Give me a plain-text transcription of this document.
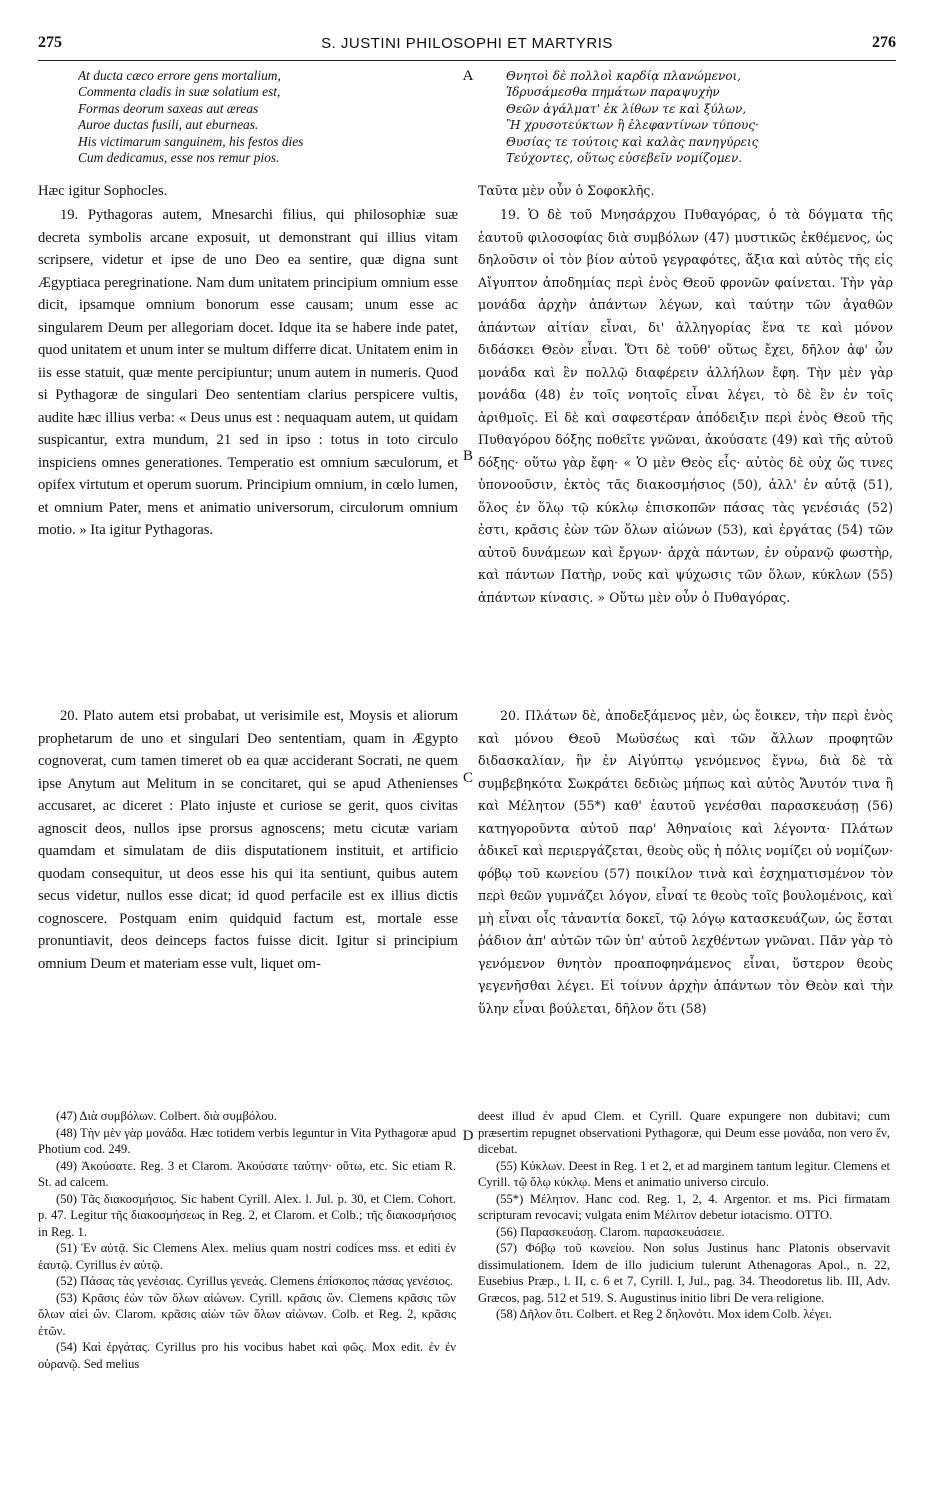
275	S. JUSTINI PHILOSOPHI ET MARTYRIS	276
At ducta cæco errore gens mortalium,
Commenta cladis in suæ solatium est,
Formas deorum saxeas aut æreas
Auroe ductas fusili, aut eburneas.
His victimarum sanguinem, his festos dies
Cum dedicamus, esse nos remur pios.

Hæc igitur Sophocles.

19. Pythagoras autem, Mnesarchi filius, qui philosophiæ suæ decreta symbolis arcane exposuit, ut demonstrant qui illius vitam scripsere, videtur et ipse de uno Deo ea sentire, quæ digna sunt Ægyptiaca peregrinatione. Nam dum unitatem principium omnium esse dicit, ipsamque omnium bonorum esse causam; unum esse ac singularem Deum per allegoriam docet. Idque ita se habere inde patet, quod unitatem et unum inter se multum differre dicat. Unitatem enim in iis esse statuit, quæ mente percipiuntur; unum autem in numeris. Quod si Pythagoræ de singulari Deo sententiam clarius perspicere vultis, audite hæc illius verba: « Deus unus est : nequaquam autem, ut quidam suspicantur, extra mundum, 21 sed in ipso : totus in toto circulo inspiciens omnes generationes. Temperatio est omnium sæculorum, et opifex virtutum et operum suorum. Principium omnium, in cœlo lumen, et omnium Pater, mens et animatio universorum, circulorum omnium motio. » Ita igitur Pythagoras.

20. Plato autem etsi probabat, ut verisimile est, Moysis et aliorum prophetarum de uno et singulari Deo sententiam, quam in Ægypto cognoverat, cum tamen timeret ob ea quæ acciderant Socrati, ne quem ipse Anytum aut Melitum in se concitaret, qui se apud Athenienses accusaret, ac diceret : Plato injuste et curiose se gerit, quos civitas agnoscit deos, nullos ipse prorsus agnoscens; metu cicutæ variam quamdam et simulatam de diis disputationem instituit, et artificio quodam consequitur, ut deos esse his qui ita sentiunt, quibus autem secus videtur, nullos esse dicat; id quod perfacile est ex illius dictis cognoscere. Postquam enim quidquid factum est, mortale esse pronuntiavit, deos deinceps factos fuisse dicit. Igitur si principium omnium Deum et materiam esse vult, liquet om-

A
B
C
D
Θνητοὶ δὲ πολλοὶ καρδίᾳ πλανώμενοι,
Ἱδρυσάμεσθα πημάτων παραψυχὴν
Θεῶν ἀγάλματ' ἐκ λίθων τε καὶ ξύλων,
Ἢ χρυσοτεύκτων ἢ ἐλεφαντίνων τύπους·
Θυσίας τε τούτοις καὶ καλὰς πανηγύρεις
Τεύχοντες, οὕτως εὐσεβεῖν νομίζομεν.

Ταῦτα μὲν οὖν ὁ Σοφοκλῆς.

19. Ὁ δὲ τοῦ Μνησάρχου Πυθαγόρας, ὁ τὰ δόγματα τῆς ἑαυτοῦ φιλοσοφίας διὰ συμβόλων (47) μυστικῶς ἐκθέμενος, ὡς δηλοῦσιν οἱ τὸν βίον αὐτοῦ γεγραφότες, ἄξια καὶ αὐτὸς τῆς εἰς Αἴγυπτον ἀποδημίας περὶ ἑνὸς Θεοῦ φρονῶν φαίνεται. Τὴν γὰρ μονάδα ἀρχὴν ἁπάντων λέγων, καὶ ταύτην τῶν ἀγαθῶν ἁπάντων αἰτίαν εἶναι, δι' ἀλληγορίας ἕνα τε καὶ μόνον διδάσκει Θεὸν εἶναι. Ὅτι δὲ τοῦθ' οὕτως ἔχει, δῆλον ἀφ' ὧν μονάδα καὶ ἓν πολλῷ διαφέρειν ἀλλήλων ἔφη. Τὴν μὲν γὰρ μονάδα (48) ἐν τοῖς νοητοῖς εἶναι λέγει, τὸ δὲ ἓν ἐν τοῖς ἀριθμοῖς. Εἰ δὲ καὶ σαφεστέραν ἀπόδειξιν περὶ ἑνὸς Θεοῦ τῆς Πυθαγόρου δόξης ποθεῖτε γνῶναι, ἀκούσατε (49) καὶ τῆς αὐτοῦ δόξης· οὕτω γὰρ ἔφη· « Ὁ μὲν Θεὸς εἷς· αὐτὸς δὲ οὐχ ὥς τινες ὑπονοοῦσιν, ἐκτὸς τᾶς διακοσμήσιος (50), ἀλλ' ἐν αὐτᾷ (51), ὅλος ἐν ὅλῳ τῷ κύκλῳ ἐπισκοπῶν πάσας τὰς γενέσιάς (52) ἐστι, κρᾶσις ἐὼν τῶν ὅλων αἰώνων (53), καὶ ἐργάτας (54) τῶν αὐτοῦ δυνάμεων καὶ ἔργων· ἀρχὰ πάντων, ἐν οὐρανῷ φωστὴρ, καὶ πάντων Πατὴρ, νοῦς καὶ ψύχωσις τῶν ὅλων, κύκλων (55) ἁπάντων κίνασις. » Οὕτω μὲν οὖν ὁ Πυθαγόρας.

20. Πλάτων δὲ, ἀποδεξάμενος μὲν, ὡς ἔοικεν, τὴν περὶ ἑνὸς καὶ μόνου Θεοῦ Μωϋσέως καὶ τῶν ἄλλων προφητῶν διδασκαλίαν, ἣν ἐν Αἰγύπτῳ γενόμενος ἔγνω, διὰ δὲ τὰ συμβεβηκότα Σωκράτει δεδιὼς μήπως καὶ αὐτὸς Ἄνυτόν τινα ἢ καὶ Μέλητον (55*) καθ' ἑαυτοῦ γενέσθαι παρασκευάσῃ (56) κατηγοροῦντα αὐτοῦ παρ' Ἀθηναίοις καὶ λέγοντα· Πλάτων ἀδικεῖ καὶ περιεργάζεται, θεοὺς οὓς ἡ πόλις νομίζει οὐ νομίζων· φόβῳ τοῦ κωνείου (57) ποικίλον τινὰ καὶ ἐσχηματισμένον τὸν περὶ θεῶν γυμνάζει λόγον, εἶναί τε θεοὺς τοῖς βουλομένοις, καὶ μὴ εἶναι οἷς τἀναντία δοκεῖ, τῷ λόγῳ κατασκευάζων, ὡς ἔσται ῥάδιον ἀπ' αὐτῶν τῶν ὑπ' αὐτοῦ λεχθέντων γνῶναι. Πᾶν γὰρ τὸ γενόμενον θνητὸν προαποφηνάμενος εἶναι, ὕστερον θεοὺς γεγενῆσθαι λέγει. Εἰ τοίνυν ἀρχὴν ἁπάντων τὸν Θεὸν καὶ τὴν ὕλην εἶναι βούλεται, δῆλον ὅτι (58)

(47) Διὰ συμβόλων. Colbert. διὰ συμβόλου.

(48) Τὴν μὲν γὰρ μονάδα. Hæc totidem verbis leguntur in Vita Pythagoræ apud Photium cod. 249.

(49) Ἀκούσατε. Reg. 3 et Clarom. Ἀκούσατε ταύτην· οὕτω, etc. Sic etiam R. St. ad calcem.

(50) Τᾶς διακοσμήσιος. Sic habent Cyrill. Alex. l. Jul. p. 30, et Clem. Cohort. p. 47. Legitur τῆς διακοσμήσεως in Reg. 2, et Clarom. et Colb.; τῆς διακοσμήσιος in Reg. 1.

(51) Ἐν αὐτᾷ. Sic Clemens Alex. melius quam nostri codices mss. et editi ἐν ἑαυτῷ. Cyrillus ἐν αὐτῷ.

(52) Πάσας τὰς γενέσιας. Cyrillus γενεάς. Clemens ἐπίσκοπος πάσας γενέσιος.

(53) Κρᾶσις ἐὼν τῶν ὅλων αἰώνων. Cyrill. κρᾶσις ὢν. Clemens κρᾶσις τῶν ὅλων αἰεὶ ὤν. Clarom. κρᾶσις αἰὼν τῶν ὅλων αἰώνων. Colb. et Reg. 2, κρᾶσις ἐτῶν.

(54) Καὶ ἐργάτας. Cyrillus pro his vocibus habet καὶ φῶς. Mox edit. ἐν ἐν οὐρανῷ. Sed melius

deest illud ἐν apud Clem. et Cyrill. Quare expungere non dubitavi; cum præsertim repugnet observationi Pythagoræ, qui Deum esse μονάδα, non vero ἕν, dicebat.

(55) Κύκλων. Deest in Reg. 1 et 2, et ad marginem tantum legitur. Clemens et Cyrill. τῷ ὅλῳ κύκλῳ. Mens et animatio universo circulo.

(55*) Μέλητον. Hanc cod. Reg. 1, 2, 4. Argentor. et ms. Pici firmatam scripturam revocavi; vulgata enim Μέλιτον debetur iotacismo. OTTO.

(56) Παρασκευάσῃ. Clarom. παρασκευάσειε.

(57) Φόβῳ τοῦ κωνείου. Non solus Justinus hanc Platonis observavit dissimulationem. Idem de illo judicium tulerunt Athenagoras Apol., n. 22, Eusebius Præp., l. II, c. 6 et 7, Cyrill. I, Jul., pag. 34. Theodoretus lib. III, Adv. Græcos, pag. 512 et 519. S. Augustinus initio libri De vera religione.

(58) Δῆλον ὅτι. Colbert. et Reg 2 δηλονότι. Mox idem Colb. λέγει.
